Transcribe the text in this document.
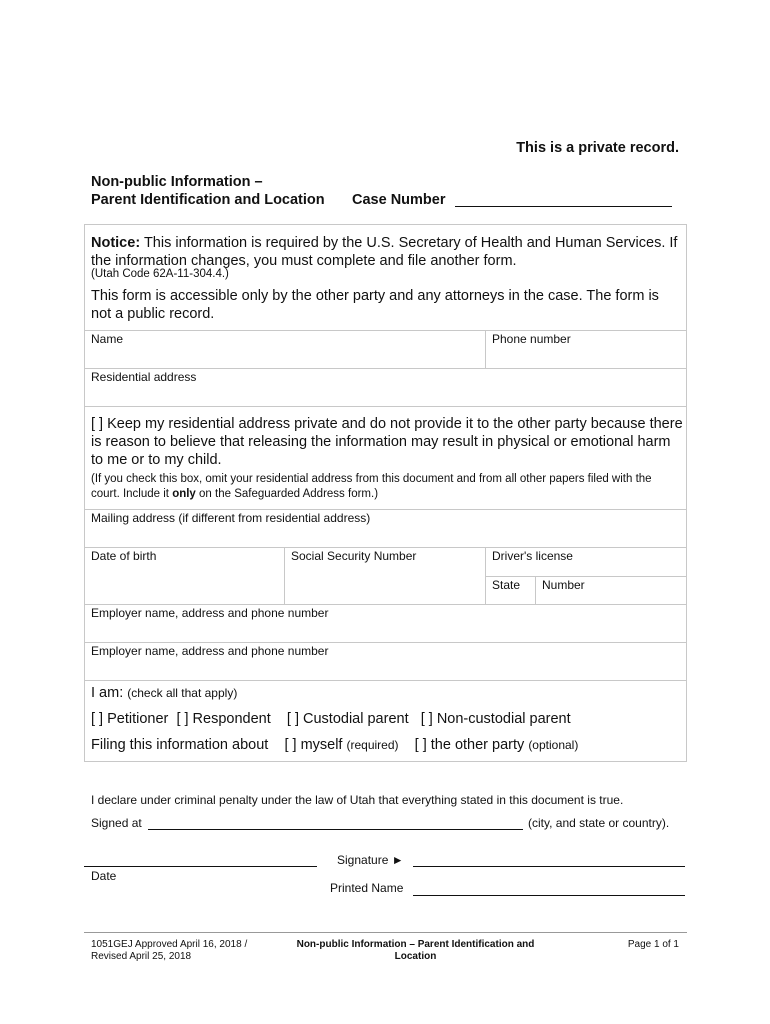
This is a private record.
Non-public Information –
Parent Identification and Location Case Number
Notice: This information is required by the U.S. Secretary of Health and Human Services. If the information changes, you must complete and file another form.
(Utah Code 62A-11-304.4.)
This form is accessible only by the other party and any attorneys in the case. The form is not a public record.
Name	Phone number
Residential address
[ ] Keep my residential address private and do not provide it to the other party because there is reason to believe that releasing the information may result in physical or emotional harm to me or to my child.
(If you check this box, omit your residential address from this document and from all other papers filed with the court. Include it only on the Safeguarded Address form.)
Mailing address (if different from residential address)
Date of birth	Social Security Number	Driver's license
State Number
Employer name, address and phone number
Employer name, address and phone number
I am: (check all that apply)
[ ] Petitioner [ ] Respondent [ ] Custodial parent [ ] Non-custodial parent
Filing this information about [ ] myself (required) [ ] the other party (optional)
I declare under criminal penalty under the law of Utah that everything stated in this document is true.
Signed at	(city, and state or country).
Date
Signature ►
Printed Name
1051GEJ Approved April 16, 2018 /
Revised April 25, 2018
Non-public Information – Parent Identification and
Location
Page 1 of 1
